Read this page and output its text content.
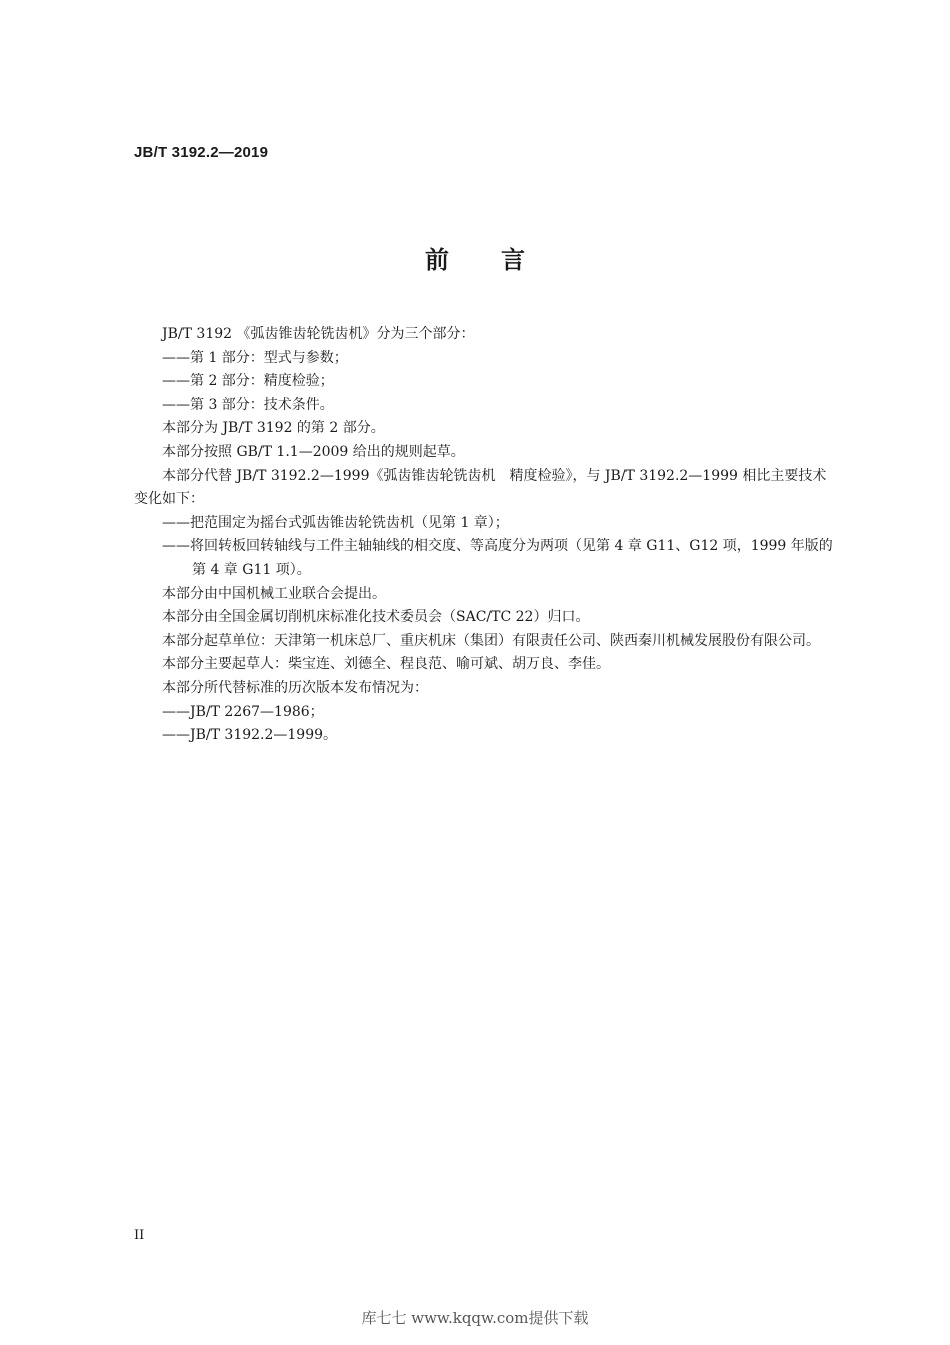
JB/T 3192.2—2019
前言

JB/T 3192 《弧齿锥齿轮铣齿机》分为三个部分：

——第 1 部分：型式与参数；

——第 2 部分：精度检验；

——第 3 部分：技术条件。

本部分为 JB/T 3192 的第 2 部分。

本部分按照 GB/T 1.1—2009 给出的规则起草。

本部分代替 JB/T 3192.2—1999《弧齿锥齿轮铣齿机　精度检验》，与 JB/T 3192.2—1999 相比主要技术变化如下：

——把范围定为摇台式弧齿锥齿轮铣齿机（见第 1 章）；

——将回转板回转轴线与工件主轴轴线的相交度、等高度分为两项（见第 4 章 G11、G12 项，1999 年版的第 4 章 G11 项）。

本部分由中国机械工业联合会提出。

本部分由全国金属切削机床标准化技术委员会（SAC/TC 22）归口。

本部分起草单位：天津第一机床总厂、重庆机床（集团）有限责任公司、陕西秦川机械发展股份有限公司。

本部分主要起草人：柴宝连、刘德全、程良范、喻可斌、胡万良、李佳。

本部分所代替标准的历次版本发布情况为：

——JB/T 2267—1986；

——JB/T 3192.2—1999。

II
库七七 www.kqqw.com提供下载
